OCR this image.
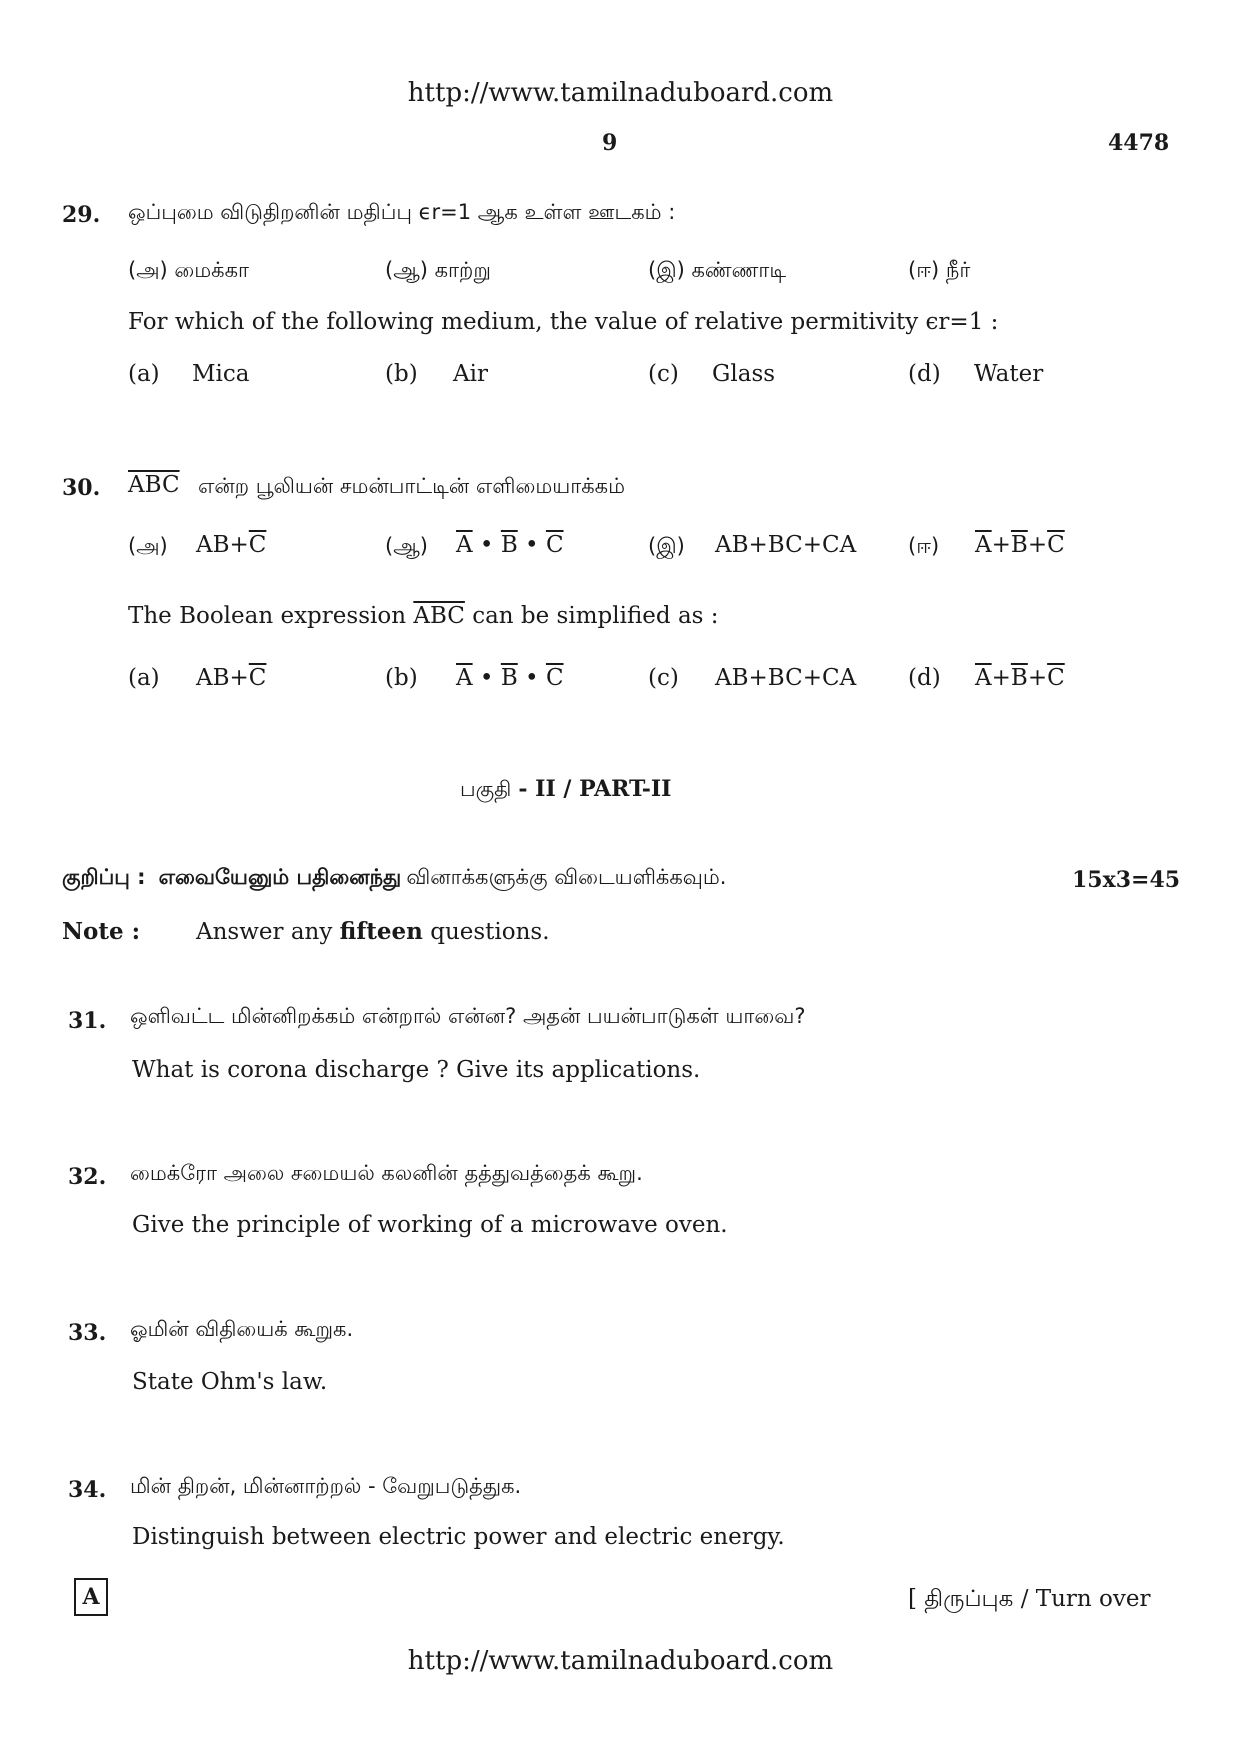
http://www.tamilnaduboard.com
9	4478
29. ஒப்புமை விடுதிறனின் மதிப்பு ϵr=1 ஆக உள்ள ஊடகம் :
(அ) மைக்கா	(ஆ) காற்று	(இ) கண்ணாடி	(ஈ) நீர்
For which of the following medium, the value of relative permitivity ϵr=1 :
(a) Mica	(b) Air	(c) Glass	(d) Water
30. $\overline{ABC}$ என்ற பூலியன் சமன்பாட்டின் எளிமையாக்கம்
(அ) $AB+\overline{C}$	(ஆ) $\overline{A}$ • $\overline{B}$ • $\overline{C}$	(இ) AB+BC+CA (ஈ) $\overline{A}+\overline{B}+\overline{C}$
The Boolean expression $\overline{ABC}$ can be simplified as :
(a) $AB+\overline{C}$	(b) $\overline{A}$ • $\overline{B}$ • $\overline{C}$	(c) AB+BC+CA (d) $\overline{A}+\overline{B}+\overline{C}$
பகுதி - II / PART-II
குறிப்பு : எவையேனும் பதினைந்து வினாக்களுக்கு விடையளிக்கவும்.	15x3=45
Note : Answer any fifteen questions.
31. ஒளிவட்ட மின்னிறக்கம் என்றால் என்ன? அதன் பயன்பாடுகள் யாவை?
What is corona discharge ? Give its applications.
32. மைக்ரோ அலை சமையல் கலனின் தத்துவத்தைக் கூறு.
Give the principle of working of a microwave oven.
33. ஓமின் விதியைக் கூறுக.
State Ohm's law.
34. மின் திறன், மின்னாற்றல் - வேறுபடுத்துக.
Distinguish between electric power and electric energy.
A	[ திருப்புக / Turn over
http://www.tamilnaduboard.com
